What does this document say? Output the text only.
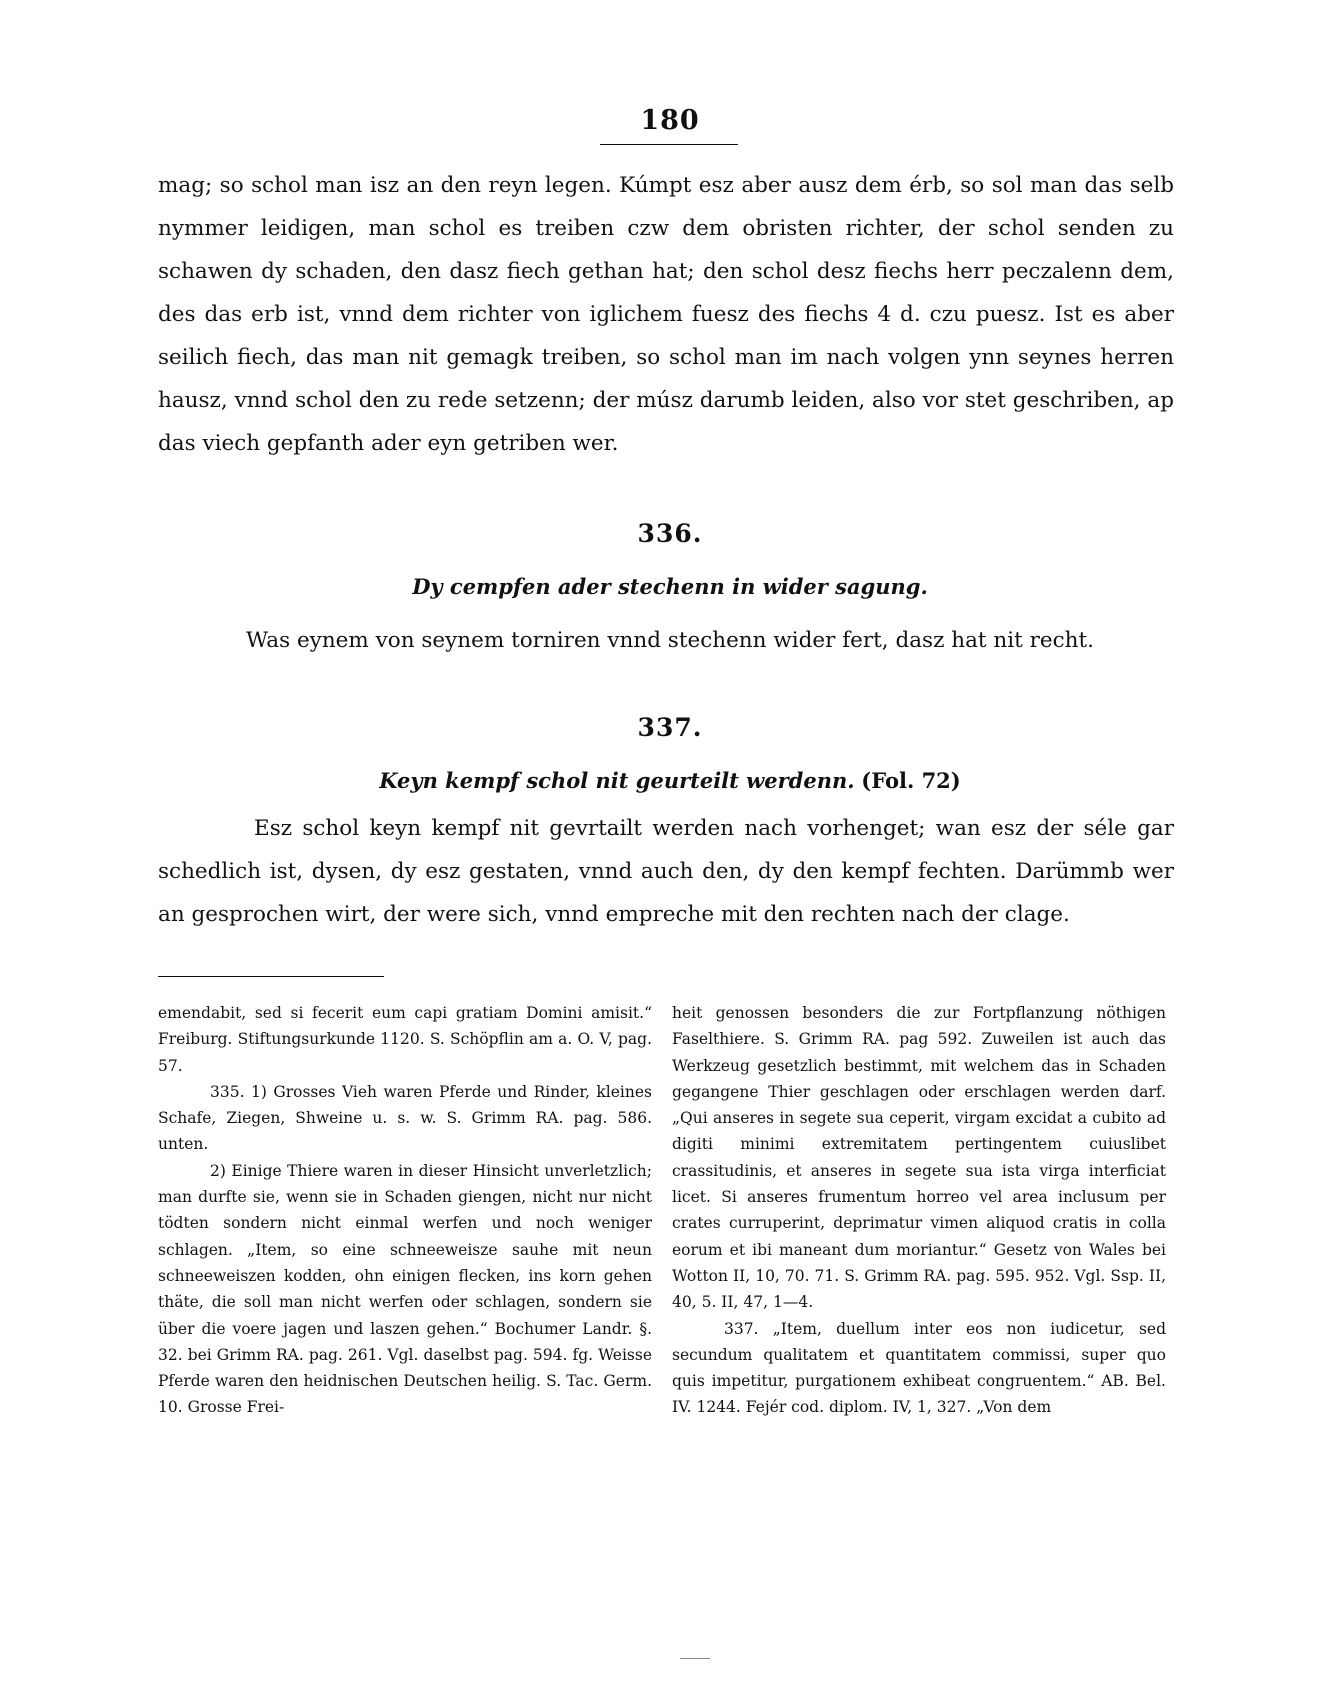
180

mag; so schol man isz an den reyn legen. Kúmpt esz aber ausz dem érb, so sol man das selb nymmer leidigen, man schol es treiben czw dem obristen richter, der schol senden zu schawen dy schaden, den dasz fiech gethan hat; den schol desz fiechs herr peczalenn dem, des das erb ist, vnnd dem richter von iglichem fuesz des fiechs 4 d. czu puesz. Ist es aber seilich fiech, das man nit gemagk treiben, so schol man im nach volgen ynn seynes herren hausz, vnnd schol den zu rede setzenn; der músz darumb leiden, also vor stet geschriben, ap das viech gepfanth ader eyn getriben wer.

336.
Dy cempfen ader stechenn in wider sagung.
Was eynem von seynem torniren vnnd stechenn wider fert, dasz hat nit recht.
337.
Keyn kempf schol nit geurteilt werdenn. (Fol. 72)

Esz schol keyn kempf nit gevrtailt werden nach vorhenget; wan esz der séle gar schedlich ist, dysen, dy esz gestaten, vnnd auch den, dy den kempf fechten. Darümmb wer an gesprochen wirt, der were sich, vnnd empreche mit den rechten nach der clage.

emendabit, sed si fecerit eum capi gratiam Domini amisit.“ Freiburg. Stiftungsurkunde 1120. S. Schöpflin am a. O. V, pag. 57.

335. 1) Grosses Vieh waren Pferde und Rinder, kleines Schafe, Ziegen, Shweine u. s. w. S. Grimm RA. pag. 586. unten.

2) Einige Thiere waren in dieser Hinsicht unverletzlich; man durfte sie, wenn sie in Schaden giengen, nicht nur nicht tödten sondern nicht einmal werfen und noch weniger schlagen. „Item, so eine schneeweisze sauhe mit neun schneeweiszen kodden, ohn einigen flecken, ins korn gehen thäte, die soll man nicht werfen oder schlagen, sondern sie über die voere jagen und laszen gehen.“ Bochumer Landr. §. 32. bei Grimm RA. pag. 261. Vgl. daselbst pag. 594. fg. Weisse Pferde waren den heidnischen Deutschen heilig. S. Tac. Germ. 10. Grosse Frei-

heit genossen besonders die zur Fortpflanzung nöthigen Faselthiere. S. Grimm RA. pag 592. Zuweilen ist auch das Werkzeug gesetzlich bestimmt, mit welchem das in Schaden gegangene Thier geschlagen oder erschlagen werden darf. „Qui anseres in segete sua ceperit, virgam excidat a cubito ad digiti minimi extremitatem pertingentem cuiuslibet crassitudinis, et anseres in segete sua ista virga interficiat licet. Si anseres frumentum horreo vel area inclusum per crates curruperint, deprimatur vimen aliquod cratis in colla eorum et ibi maneant dum moriantur.“ Gesetz von Wales bei Wotton II, 10, 70. 71. S. Grimm RA. pag. 595. 952. Vgl. Ssp. II, 40, 5. II, 47, 1—4.

337. „Item, duellum inter eos non iudicetur, sed secundum qualitatem et quantitatem commissi, super quo quis impetitur, purgationem exhibeat congruentem.“ AB. Bel. IV. 1244. Fejér cod. diplom. IV, 1, 327. „Von dem
